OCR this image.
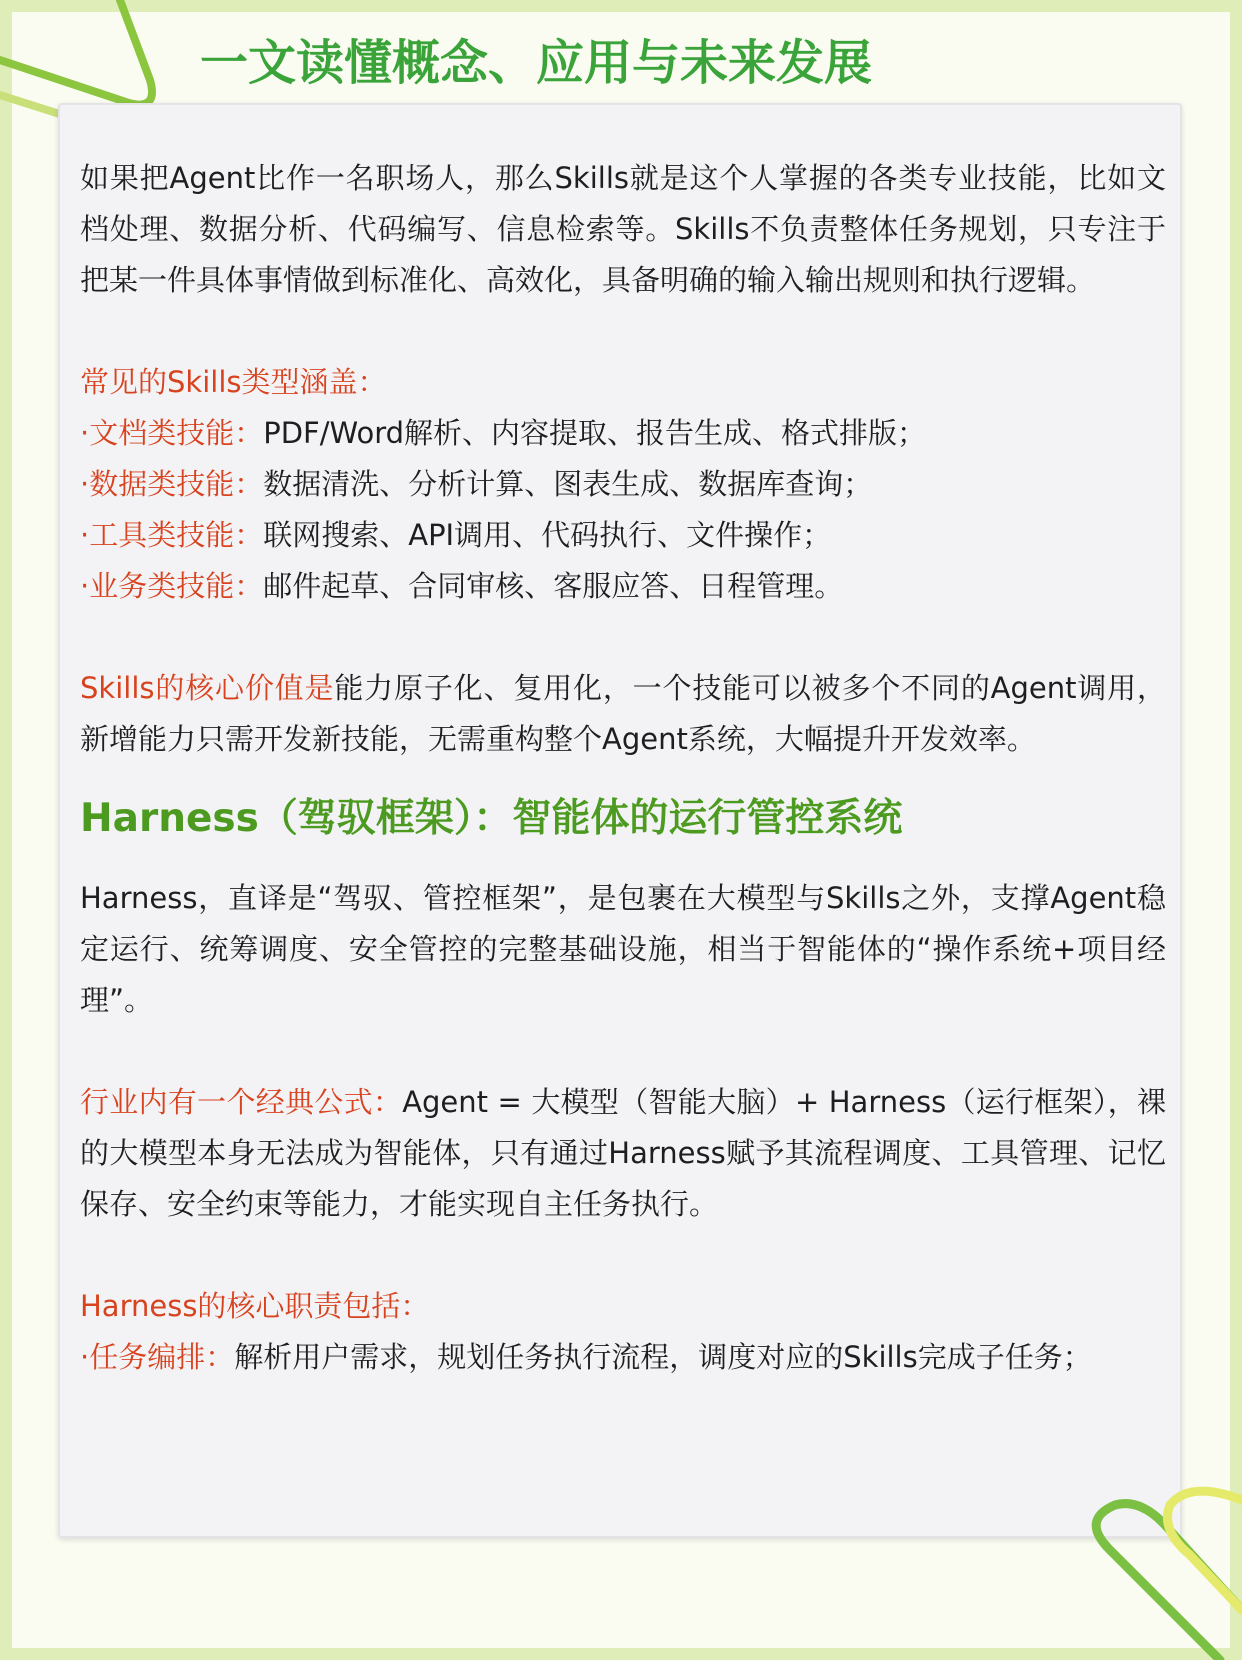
一文读懂概念、应用与未来发展

如果把Agent比作一名职场人，那么Skills就是这个人掌握的各类专业技能，比如文档处理、数据分析、代码编写、信息检索等。Skills不负责整体任务规划，只专注于把某一件具体事情做到标准化、高效化，具备明确的输入输出规则和执行逻辑。

常见的Skills类型涵盖：

·文档类技能：PDF/Word解析、内容提取、报告生成、格式排版；

·数据类技能：数据清洗、分析计算、图表生成、数据库查询；

·工具类技能：联网搜索、API调用、代码执行、文件操作；

·业务类技能：邮件起草、合同审核、客服应答、日程管理。

Skills的核心价值是能力原子化、复用化，一个技能可以被多个不同的Agent调用，新增能力只需开发新技能，无需重构整个Agent系统，大幅提升开发效率。

Harness（驾驭框架）：智能体的运行管控系统

Harness，直译是“驾驭、管控框架”，是包裹在大模型与Skills之外，支撑Agent稳定运行、统筹调度、安全管控的完整基础设施，相当于智能体的“操作系统+项目经理”。

行业内有一个经典公式：Agent = 大模型（智能大脑）+ Harness（运行框架），裸的大模型本身无法成为智能体，只有通过Harness赋予其流程调度、工具管理、记忆保存、安全约束等能力，才能实现自主任务执行。

Harness的核心职责包括：

·任务编排：解析用户需求，规划任务执行流程，调度对应的Skills完成子任务；
